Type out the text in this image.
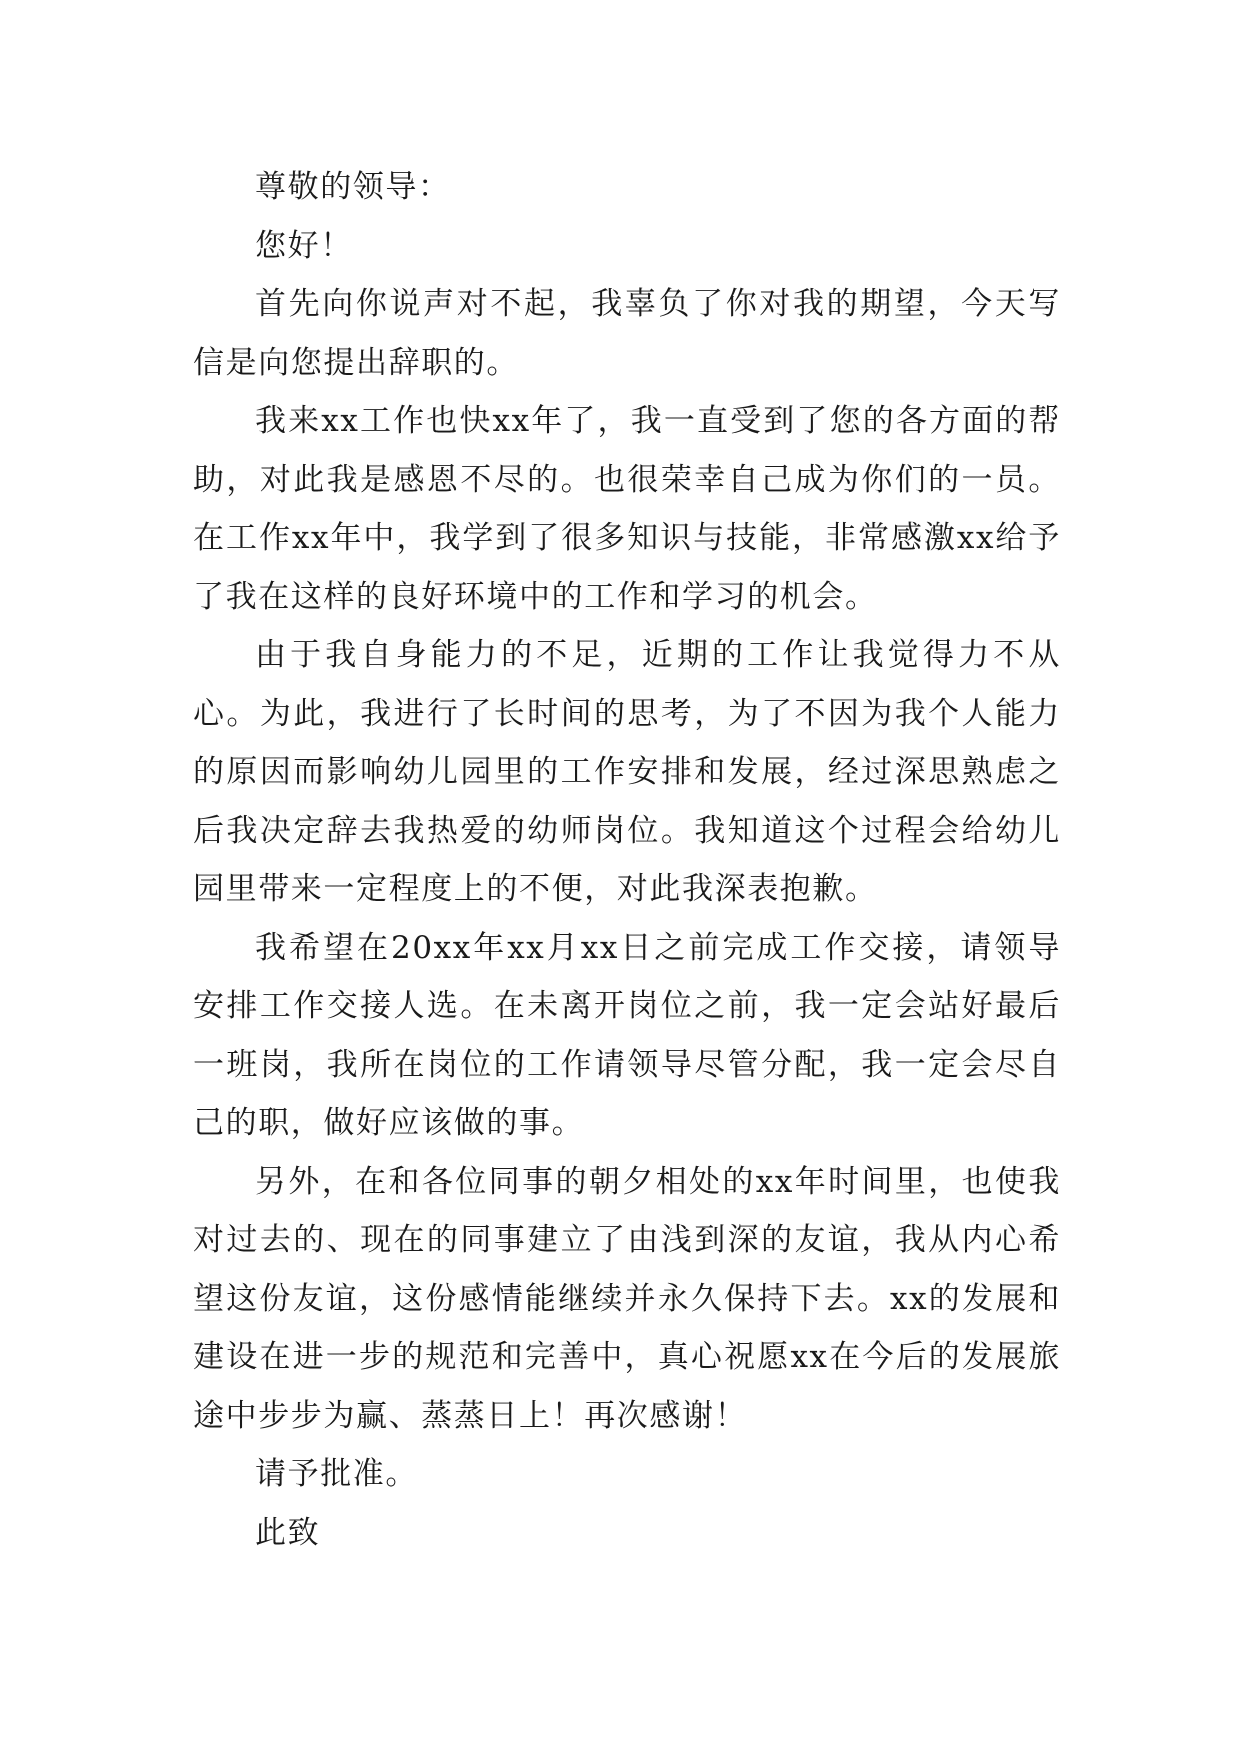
尊敬的领导：

您好！

首先向你说声对不起，我辜负了你对我的期望，今天写信是向您提出辞职的。

我来xx工作也快xx年了，我一直受到了您的各方面的帮助，对此我是感恩不尽的。也很荣幸自己成为你们的一员。在工作xx年中，我学到了很多知识与技能，非常感激xx给予了我在这样的良好环境中的工作和学习的机会。

由于我自身能力的不足，近期的工作让我觉得力不从心。为此，我进行了长时间的思考，为了不因为我个人能力的原因而影响幼儿园里的工作安排和发展，经过深思熟虑之后我决定辞去我热爱的幼师岗位。我知道这个过程会给幼儿园里带来一定程度上的不便，对此我深表抱歉。

我希望在20xx年xx月xx日之前完成工作交接，请领导安排工作交接人选。在未离开岗位之前，我一定会站好最后一班岗，我所在岗位的工作请领导尽管分配，我一定会尽自己的职，做好应该做的事。

另外，在和各位同事的朝夕相处的xx年时间里，也使我对过去的、现在的同事建立了由浅到深的友谊，我从内心希望这份友谊，这份感情能继续并永久保持下去。xx的发展和建设在进一步的规范和完善中，真心祝愿xx在今后的发展旅途中步步为赢、蒸蒸日上！再次感谢！

请予批准。

此致
